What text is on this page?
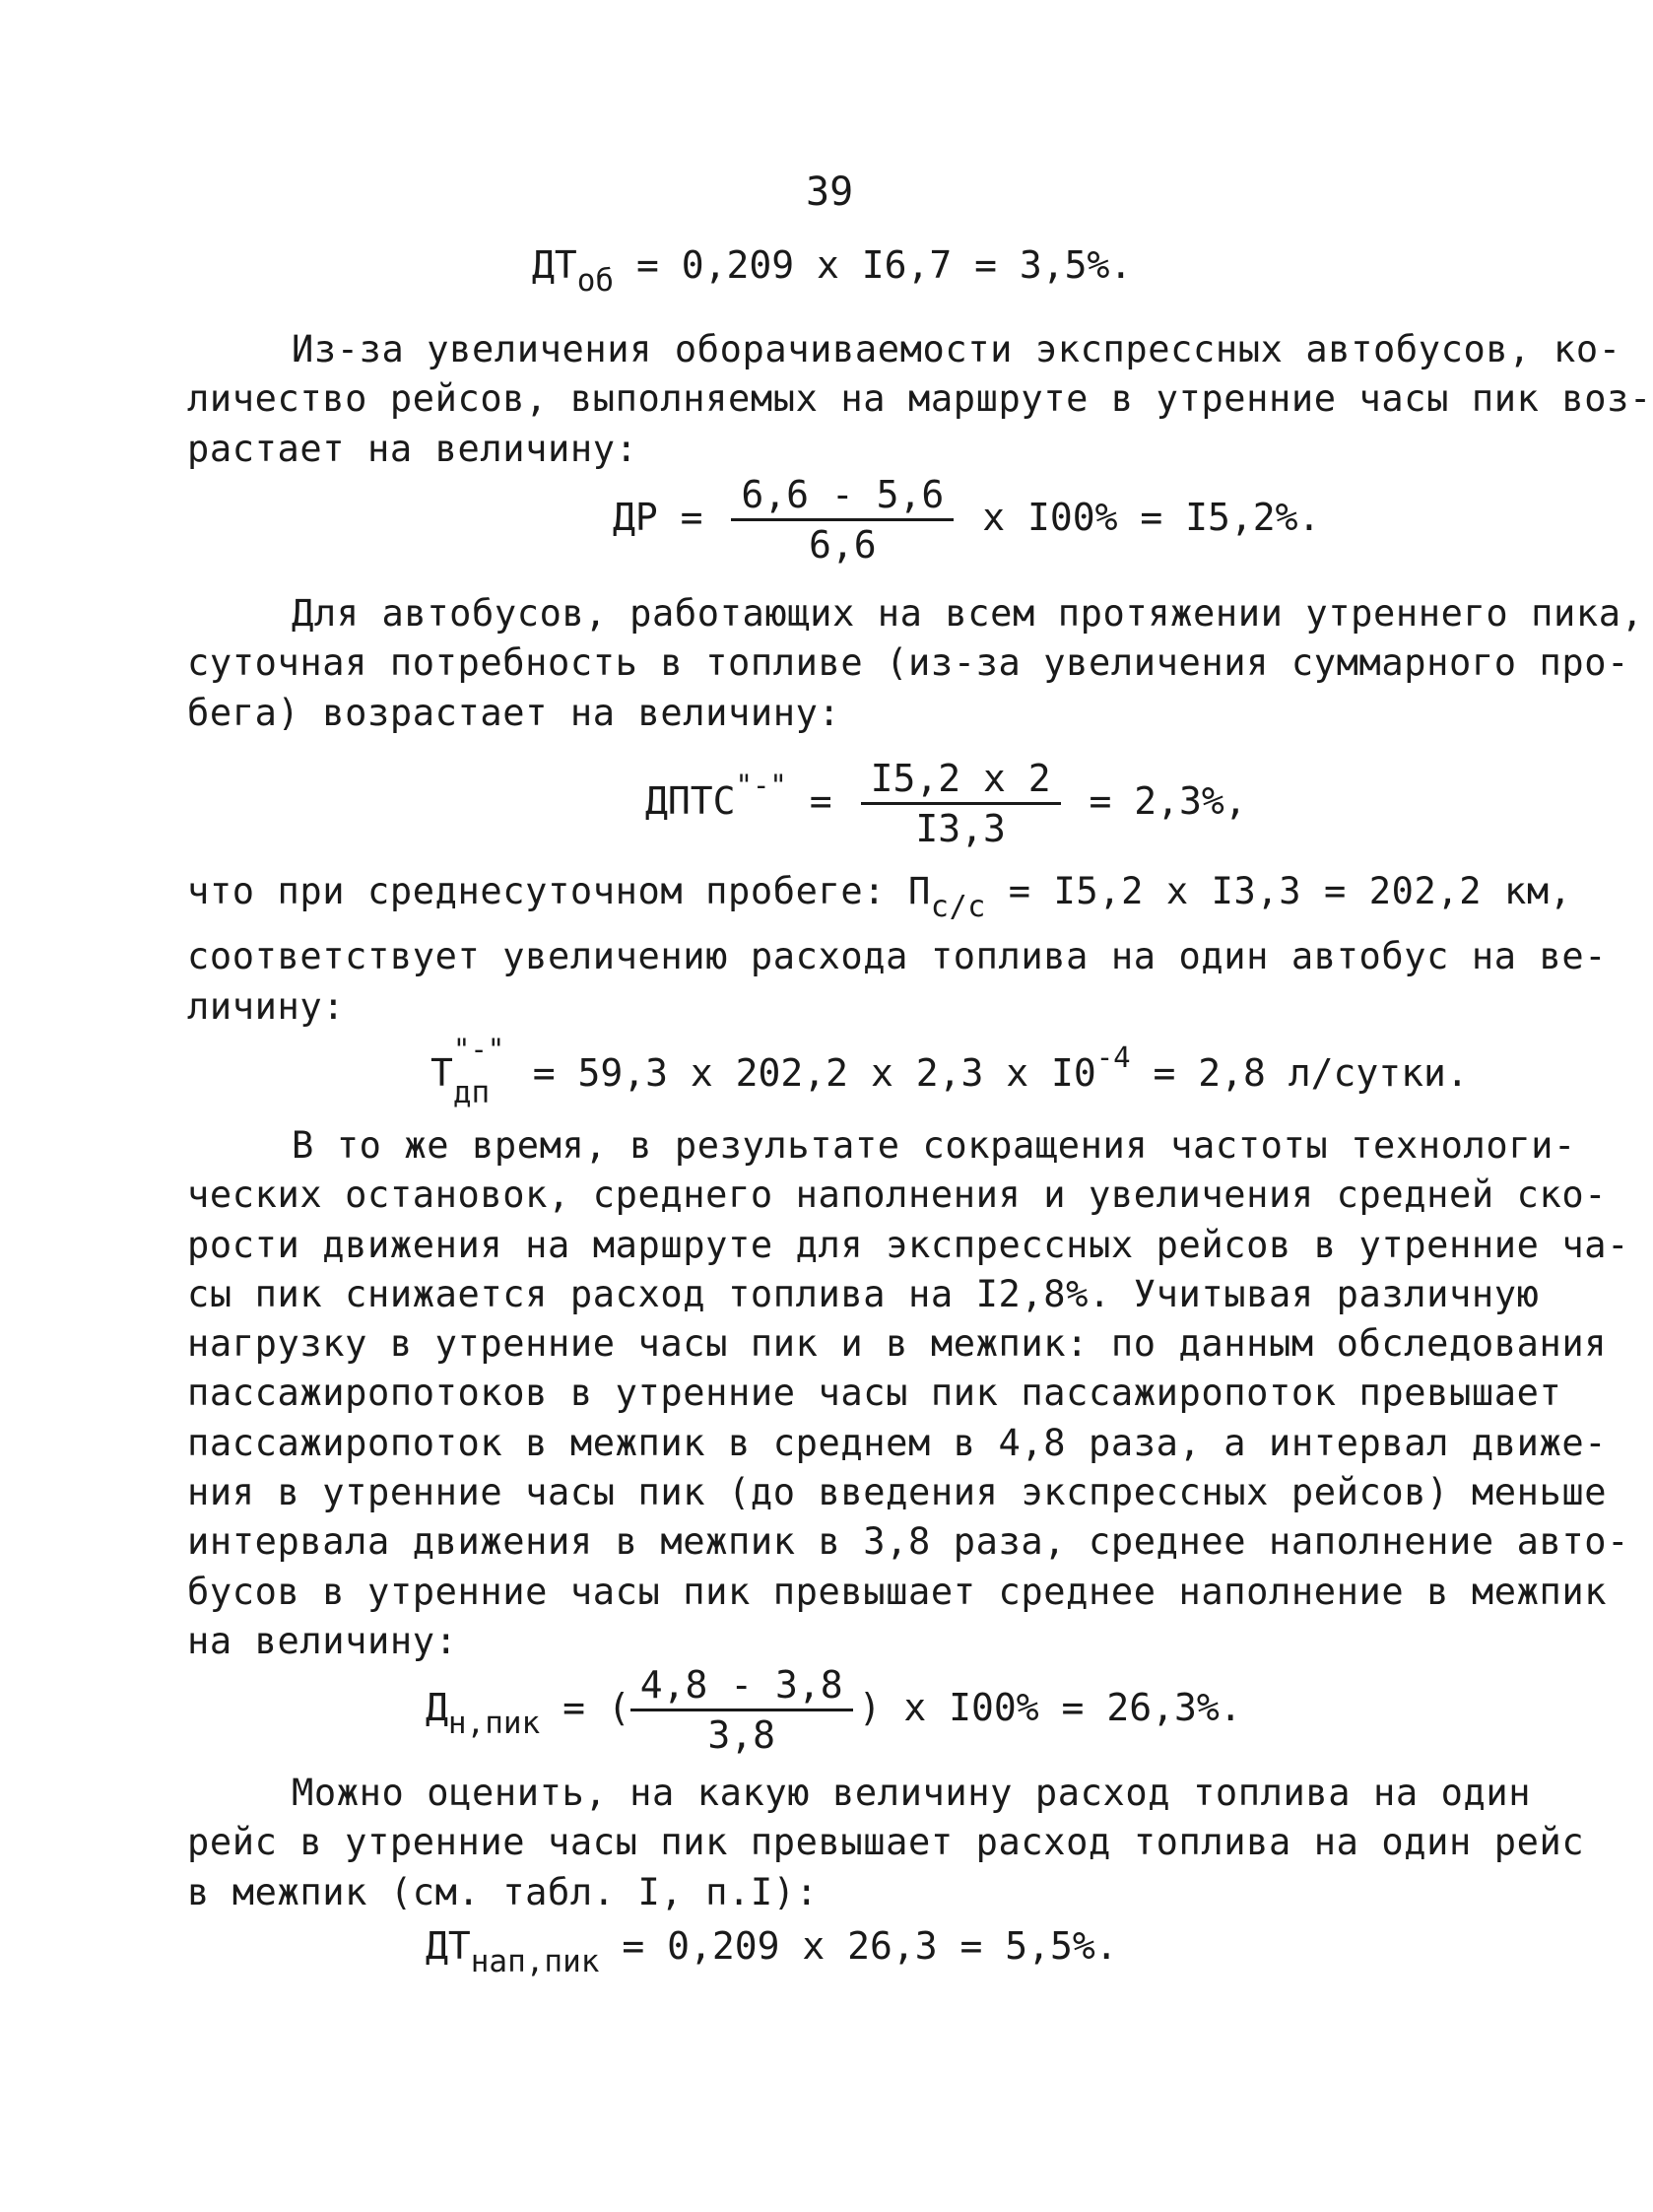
39
$ДТ_{об} = 0,209$ x I6,7 = 3,5%.
Из-за увеличения оборачиваемости экспрессных автобусов, ко-
личество рейсов, выполняемых на маршруте в утренние часы пик воз-
растает на величину:
ДР = $\frac{6,6 - 5,6}{6,6}$ x I00% = I5,2%.
Для автобусов, работающих на всем протяжении утреннего пика,
суточная потребность в топливе (из-за увеличения суммарного про-
бега) возрастает на величину:
ДПТС"-" = $\frac{I5,2 x 2}{I3,3} = 2,3\%$,
что при среднесуточном пробеге: $П_{с/с} = I5,2$ x I3,3 = 202,2 км,
соответствует увеличению расхода топлива на один автобус на ве-
личину:
Т
"-"
дп = 59,3 x 202,2 x 2,3 x $I0^{-4} = 2,8$ л/сутки.
В то же время, в результате сокращения частоты технологи-
ческих остановок, среднего наполнения и увеличения средней ско-
рости движения на маршруте для экспрессных рейсов в утренние ча-
сы пик снижается расход топлива на I2,8%. Учитывая различную
нагрузку в утренние часы пик и в межпик: по данным обследования
пассажиропотоков в утренние часы пик пассажиропоток превышает
пассажиропоток в межпик в среднем в 4,8 раза, а интервал движе-
ния в утренние часы пик (до введения экспрессных рейсов) меньше
интервала движения в межпик в 3,8 раза, среднее наполнение авто-
бусов в утренние часы пик превышает среднее наполнение в межпик
на величину:
$Д_{н,пик}$ = ( $\frac{4,8 - 3,8}{3,8}$ ) x I00% = 26,3%.
Можно оценить, на какую величину расход топлива на один
рейс в утренние часы пик превышает расход топлива на один рейс
в межпик (см. табл. I, п.I):
$ДТ_{нап,пик} = 0,209$ x 26,3 = 5,5%.
